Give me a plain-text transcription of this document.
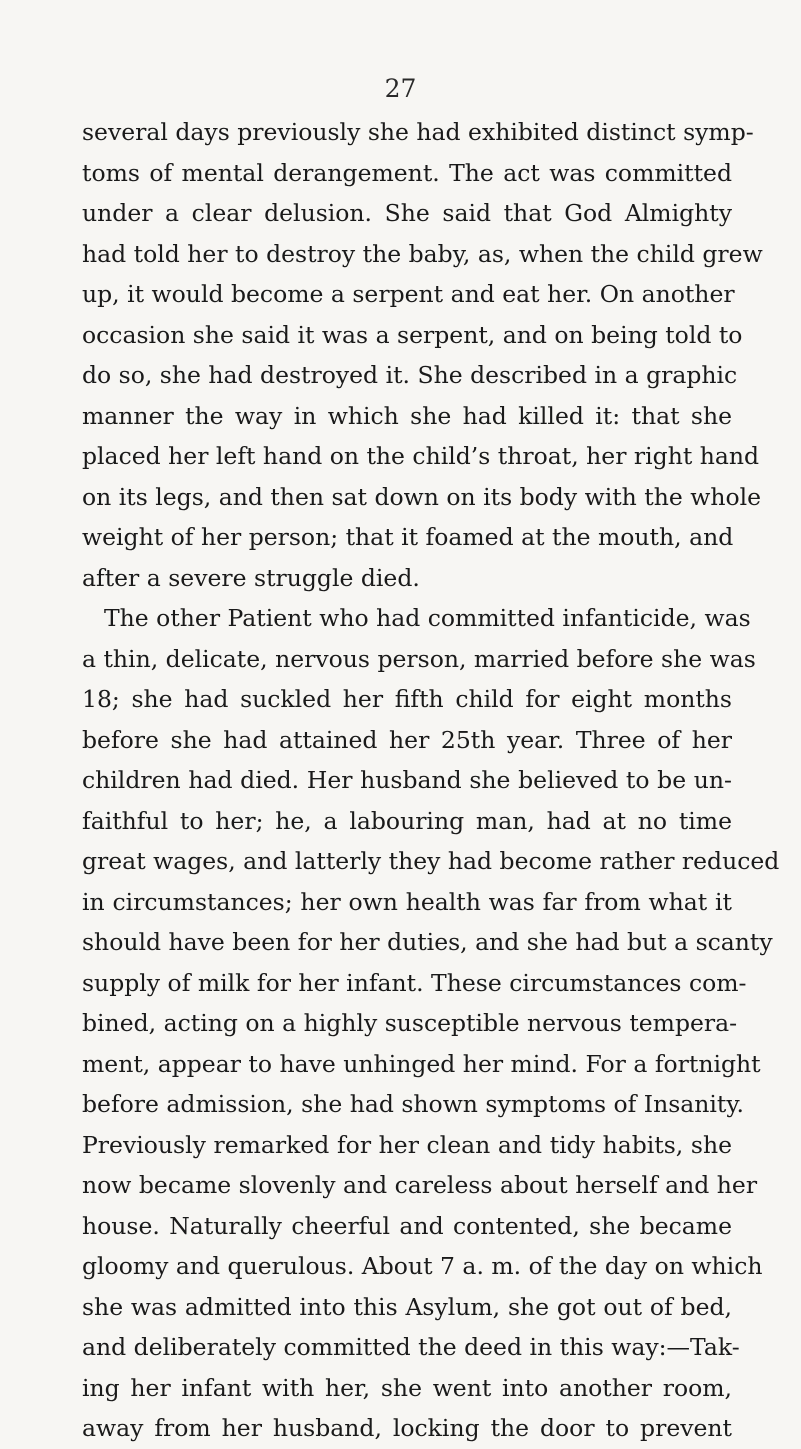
27
several days previously she had exhibited distinct symp-
toms of mental derangement. The act was committed
under a clear delusion. She said that God Almighty
had told her to destroy the baby, as, when the child grew
up, it would become a serpent and eat her. On another
occasion she said it was a serpent, and on being told to
do so, she had destroyed it. She described in a graphic
manner the way in which she had killed it: that she
placed her left hand on the child’s throat, her right hand
on its legs, and then sat down on its body with the whole
weight of her person; that it foamed at the mouth, and
after a severe struggle died.
The other Patient who had committed infanticide, was
a thin, delicate, nervous person, married before she was
18; she had suckled her fifth child for eight months
before she had attained her 25th year. Three of her
children had died. Her husband she believed to be un-
faithful to her; he, a labouring man, had at no time
great wages, and latterly they had become rather reduced
in circumstances; her own health was far from what it
should have been for her duties, and she had but a scanty
supply of milk for her infant. These circumstances com-
bined, acting on a highly susceptible nervous tempera-
ment, appear to have unhinged her mind. For a fortnight
before admission, she had shown symptoms of Insanity.
Previously remarked for her clean and tidy habits, she
now became slovenly and careless about herself and her
house. Naturally cheerful and contented, she became
gloomy and querulous. About 7 a. m. of the day on which
she was admitted into this Asylum, she got out of bed,
and deliberately committed the deed in this way:—Tak-
ing her infant with her, she went into another room,
away from her husband, locking the door to prevent
